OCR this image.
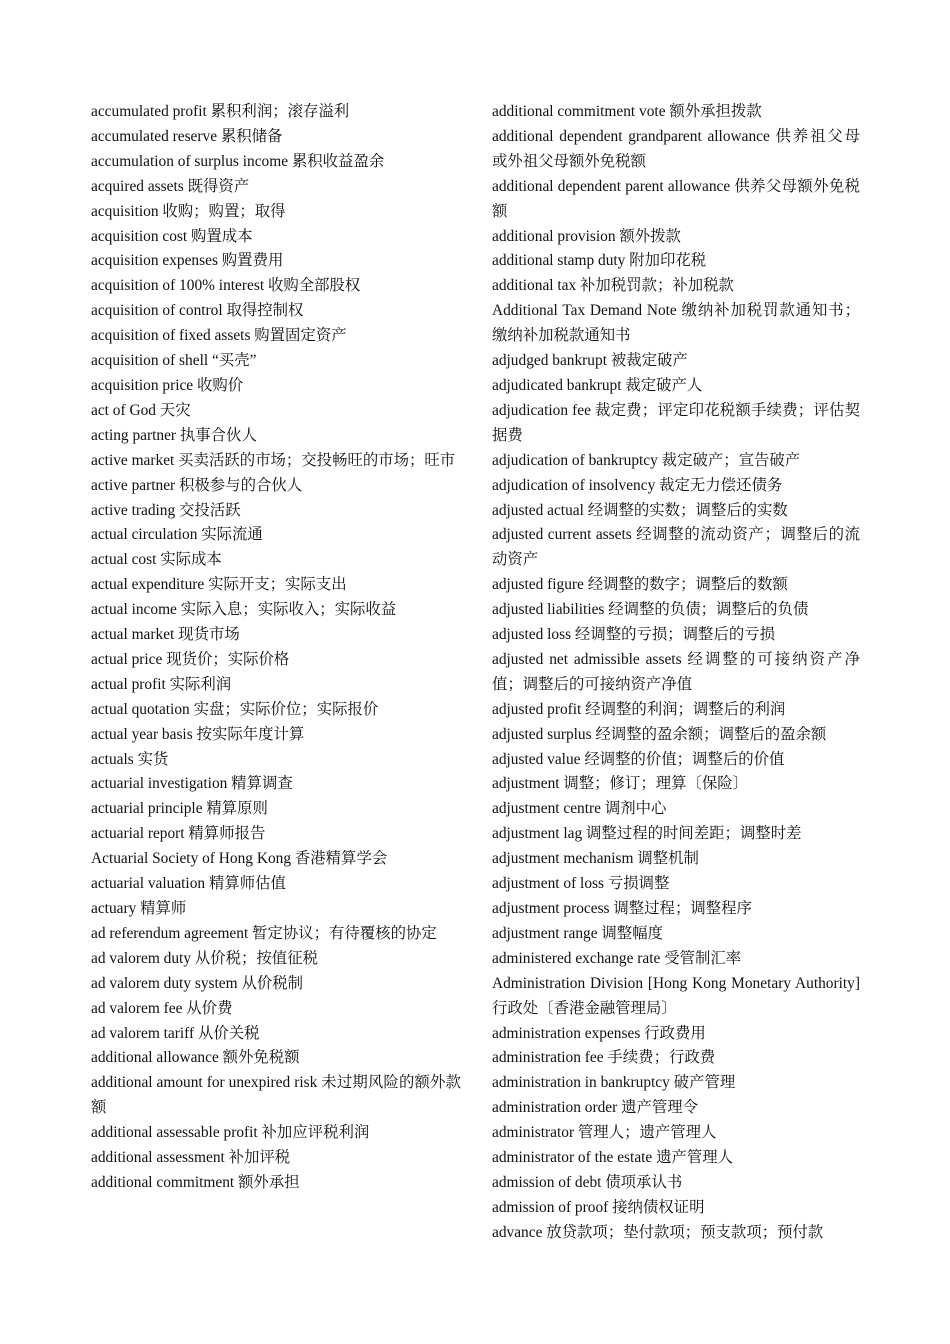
accumulated profit 累积利润；滚存溢利

accumulated reserve 累积储备

accumulation of surplus income 累积收益盈余

acquired assets 既得资产

acquisition 收购；购置；取得

acquisition cost 购置成本

acquisition expenses 购置费用

acquisition of 100% interest 收购全部股权

acquisition of control 取得控制权

acquisition of fixed assets 购置固定资产

acquisition of shell “买壳”

acquisition price 收购价

act of God 天灾

acting partner 执事合伙人

active market 买卖活跃的市场；交投畅旺的市场；旺市

active partner 积极参与的合伙人

active trading 交投活跃

actual circulation 实际流通

actual cost 实际成本

actual expenditure 实际开支；实际支出

actual income 实际入息；实际收入；实际收益

actual market 现货市场

actual price 现货价；实际价格

actual profit 实际利润

actual quotation 实盘；实际价位；实际报价

actual year basis 按实际年度计算

actuals 实货

actuarial investigation 精算调查

actuarial principle 精算原则

actuarial report 精算师报告

Actuarial Society of Hong Kong 香港精算学会

actuarial valuation 精算师估值

actuary 精算师

ad referendum agreement 暂定协议；有待覆核的协定

ad valorem duty 从价税；按值征税

ad valorem duty system 从价税制

ad valorem fee 从价费

ad valorem tariff 从价关税

additional allowance 额外免税额

additional amount for unexpired risk 未过期风险的额外款额

additional assessable profit 补加应评税利润

additional assessment 补加评税

additional commitment 额外承担

additional commitment vote 额外承担拨款

additional dependent grandparent allowance 供养祖父母或外祖父母额外免税额

additional dependent parent allowance 供养父母额外免税额

additional provision 额外拨款

additional stamp duty 附加印花税

additional tax 补加税罚款；补加税款

Additional Tax Demand Note 缴纳补加税罚款通知书；缴纳补加税款通知书

adjudged bankrupt 被裁定破产

adjudicated bankrupt 裁定破产人

adjudication fee 裁定费；评定印花税额手续费；评估契据费

adjudication of bankruptcy 裁定破产；宣告破产

adjudication of insolvency 裁定无力偿还债务

adjusted actual 经调整的实数；调整后的实数

adjusted current assets 经调整的流动资产；调整后的流动资产

adjusted figure 经调整的数字；调整后的数额

adjusted liabilities 经调整的负债；调整后的负债

adjusted loss 经调整的亏损；调整后的亏损

adjusted net admissible assets 经调整的可接纳资产净值；调整后的可接纳资产净值

adjusted profit 经调整的利润；调整后的利润

adjusted surplus 经调整的盈余额；调整后的盈余额

adjusted value 经调整的价值；调整后的价值

adjustment 调整；修订；理算〔保险〕

adjustment centre 调剂中心

adjustment lag 调整过程的时间差距；调整时差

adjustment mechanism 调整机制

adjustment of loss 亏损调整

adjustment process 调整过程；调整程序

adjustment range 调整幅度

administered exchange rate 受管制汇率

Administration Division [Hong Kong Monetary Authority] 行政处〔香港金融管理局〕

administration expenses 行政费用

administration fee 手续费；行政费

administration in bankruptcy 破产管理

administration order 遗产管理令

administrator 管理人；遗产管理人

administrator of the estate 遗产管理人

admission of debt 债项承认书

admission of proof 接纳债权证明

advance 放贷款项；垫付款项；预支款项；预付款
